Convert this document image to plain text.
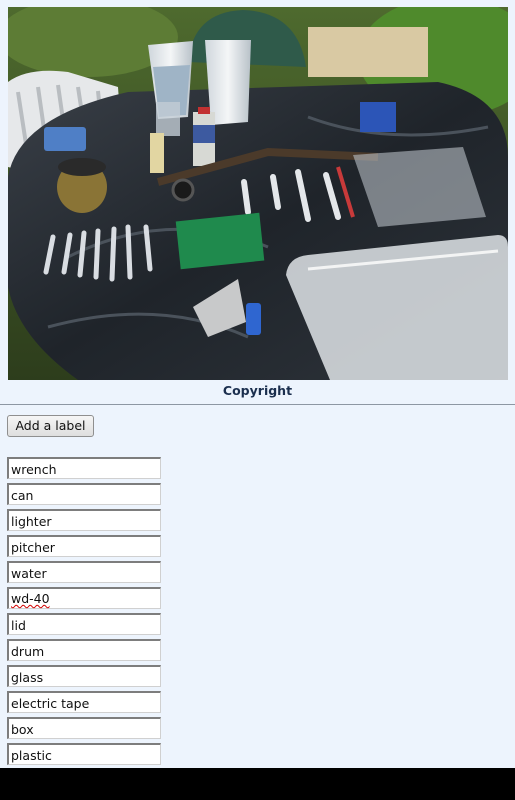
Copyright
Add a label
wrench
can
lighter
pitcher
water
wd-40
lid
drum
glass
electric tape
box
plastic
